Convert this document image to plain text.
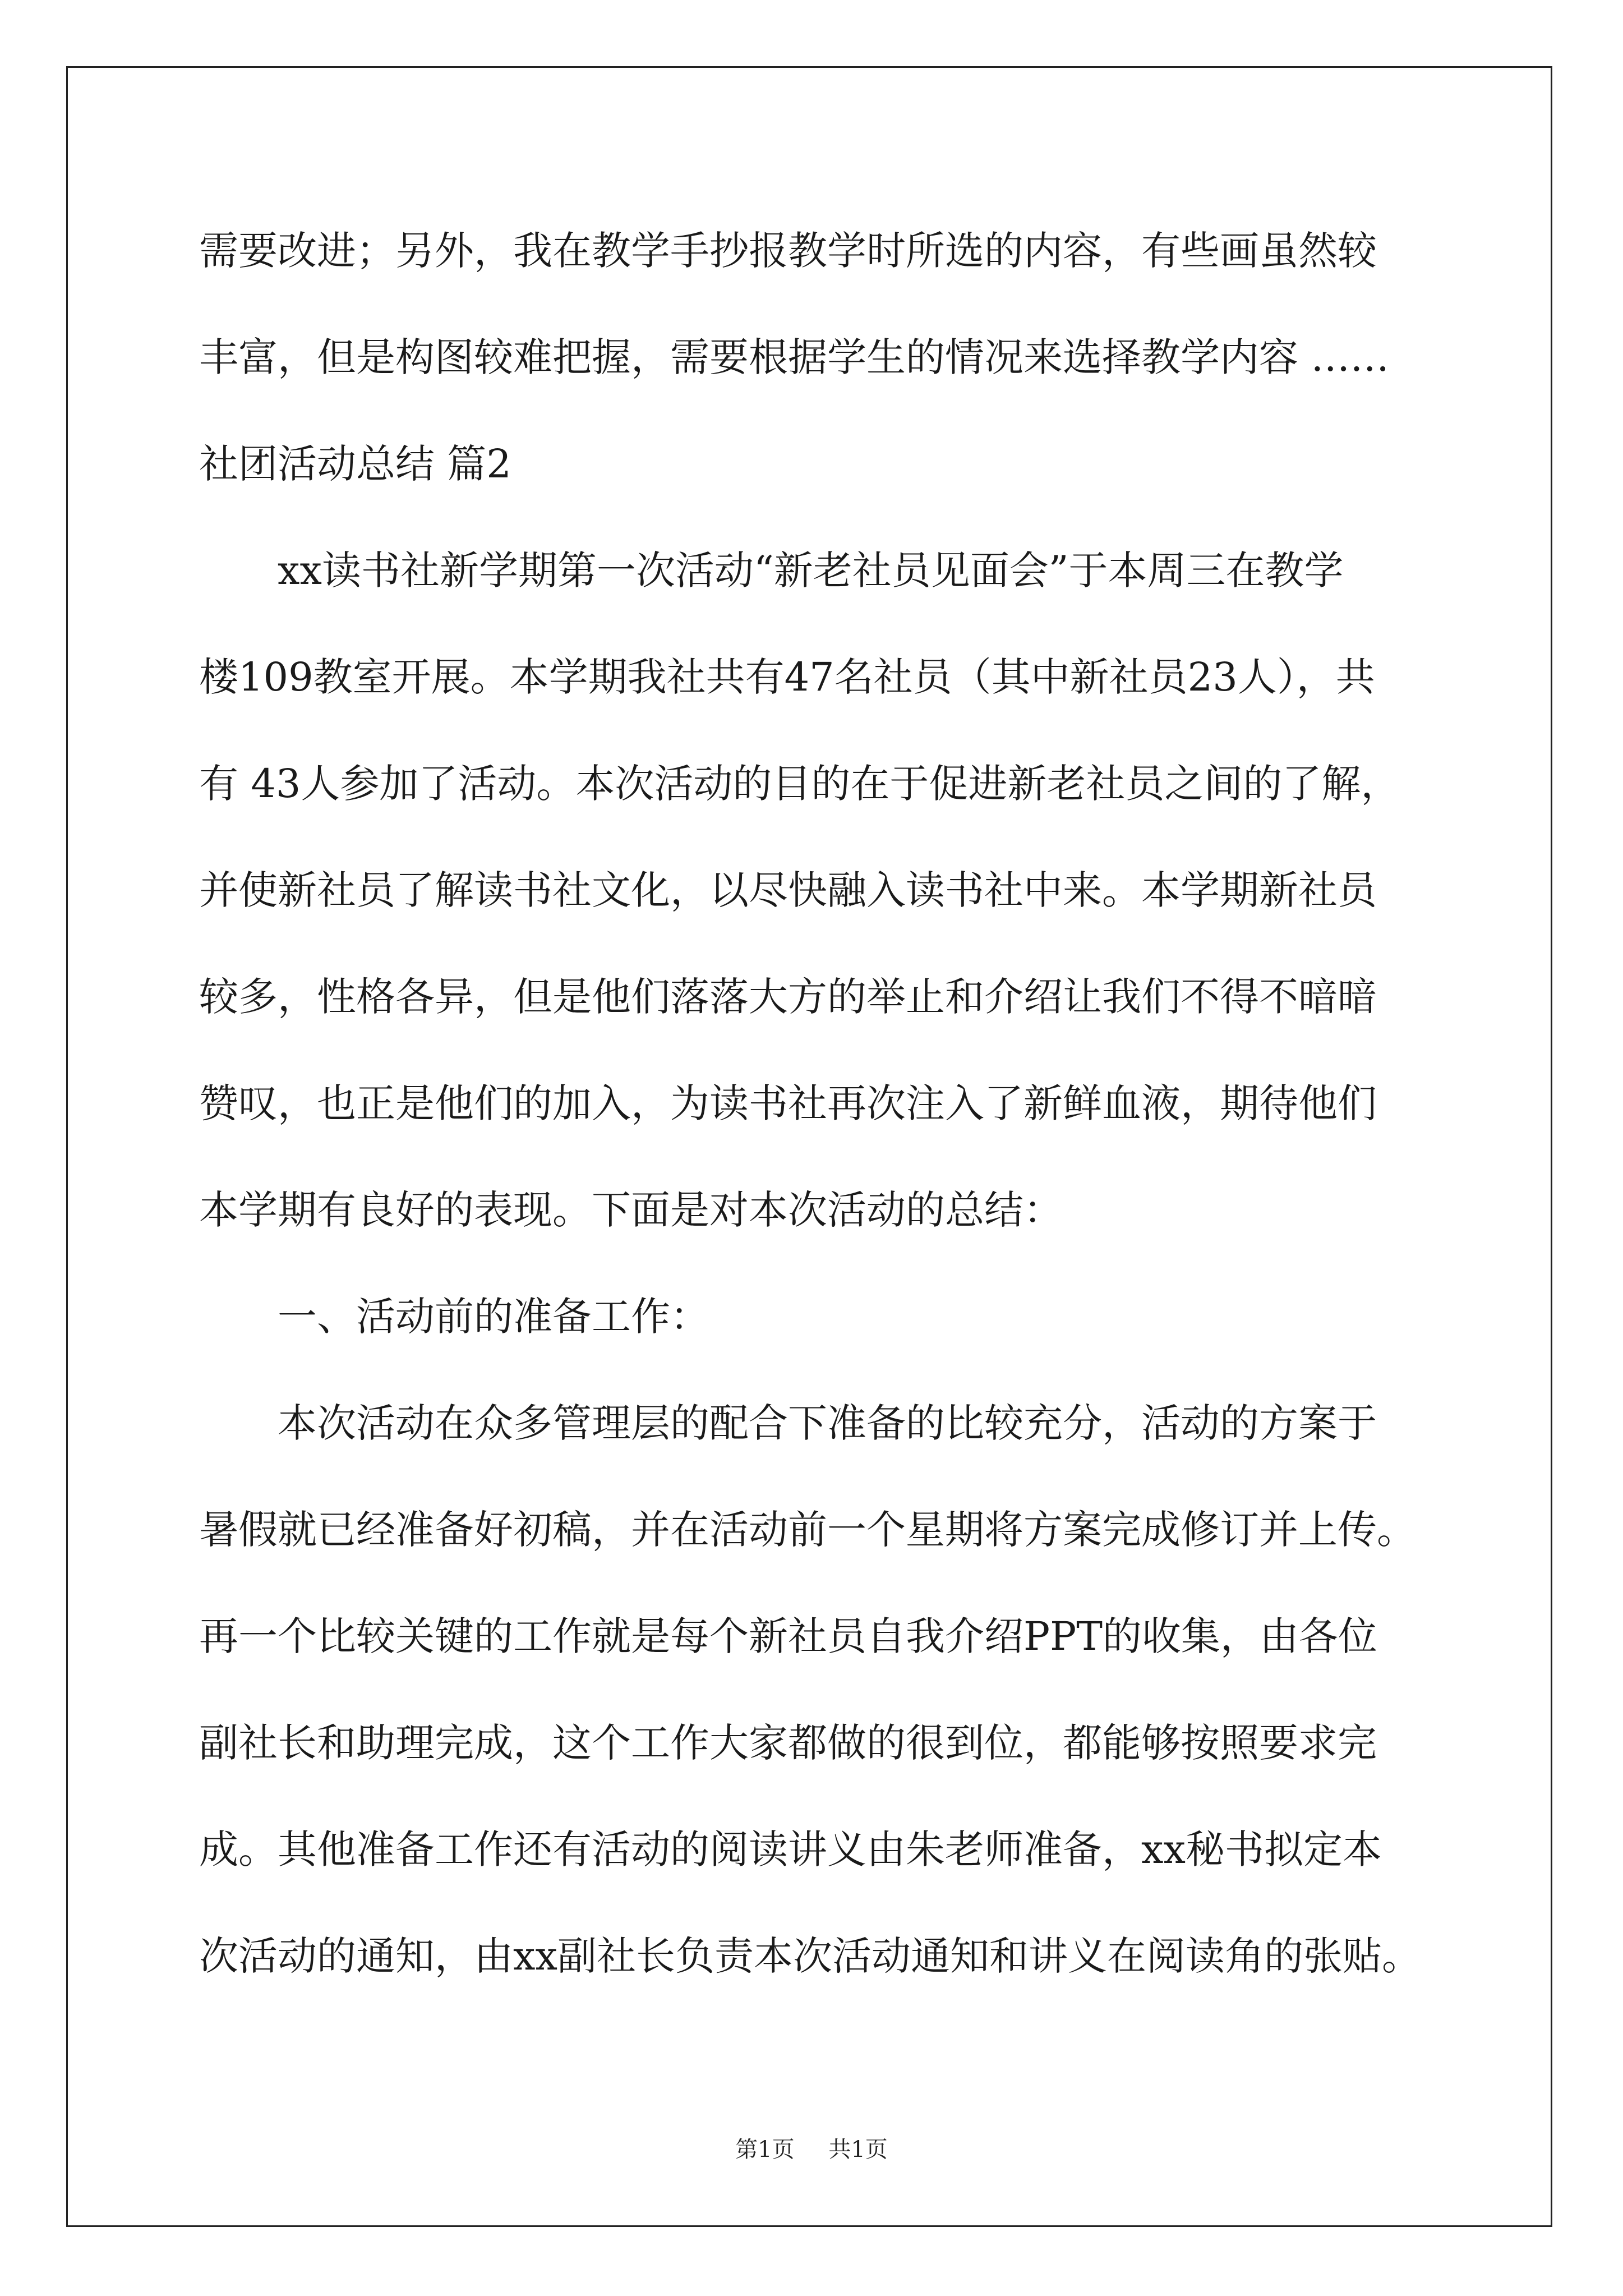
需要改进；另外，我在教学手抄报教学时所选的内容，有些画虽然较
丰富，但是构图较难把握，需要根据学生的情况来选择教学内容 ……
社团活动总结 篇2
xx读书社新学期第一次活动“新老社员见面会”于本周三在教学
楼109教室开展。本学期我社共有47名社员（其中新社员23人），共
有 43人参加了活动。本次活动的目的在于促进新老社员之间的了解，
并使新社员了解读书社文化，以尽快融入读书社中来。本学期新社员
较多，性格各异，但是他们落落大方的举止和介绍让我们不得不暗暗
赞叹，也正是他们的加入，为读书社再次注入了新鲜血液，期待他们
本学期有良好的表现。下面是对本次活动的总结：
一、活动前的准备工作：
本次活动在众多管理层的配合下准备的比较充分，活动的方案于
暑假就已经准备好初稿，并在活动前一个星期将方案完成修订并上传。
再一个比较关键的工作就是每个新社员自我介绍PPT的收集，由各位
副社长和助理完成，这个工作大家都做的很到位，都能够按照要求完
成。其他准备工作还有活动的阅读讲义由朱老师准备，xx秘书拟定本
次活动的通知，由xx副社长负责本次活动通知和讲义在阅读角的张贴。
第1页 共1页
